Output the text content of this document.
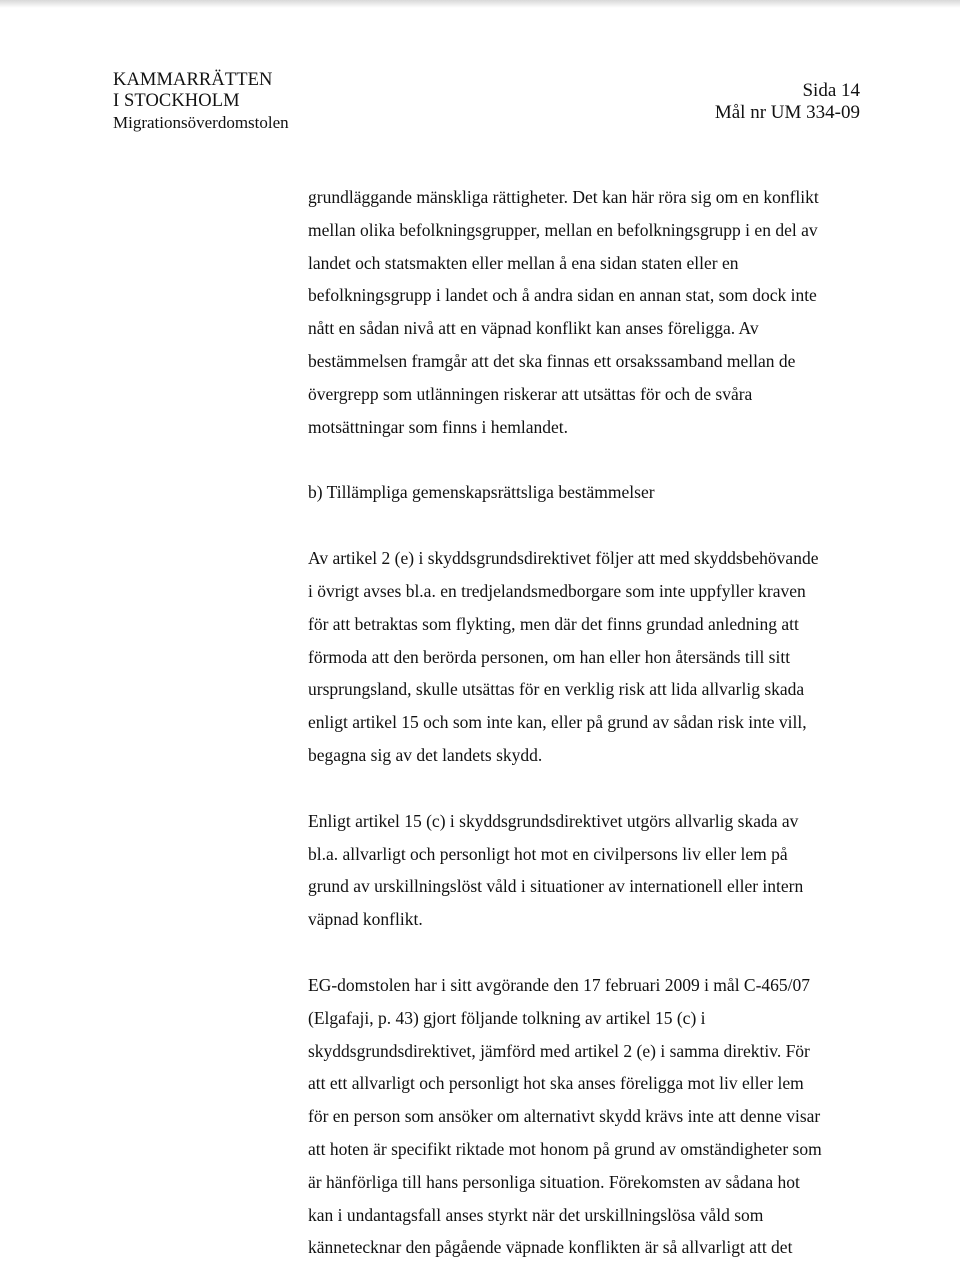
KAMMARRÄTTEN
I STOCKHOLM
Migrationsöverdomstolen
Sida 14
Mål nr UM 334-09

grundläggande mänskliga rättigheter. Det kan här röra sig om en konflikt
mellan olika befolkningsgrupper, mellan en befolkningsgrupp i en del av
landet och statsmakten eller mellan å ena sidan staten eller en
befolkningsgrupp i landet och å andra sidan en annan stat, som dock inte
nått en sådan nivå att en väpnad konflikt kan anses föreligga. Av
bestämmelsen framgår att det ska finnas ett orsakssamband mellan de
övergrepp som utlänningen riskerar att utsättas för och de svåra
motsättningar som finns i hemlandet.

b) Tillämpliga gemenskapsrättsliga bestämmelser

Av artikel 2 (e) i skyddsgrundsdirektivet följer att med skyddsbehövande
i övrigt avses bl.a. en tredjelandsmedborgare som inte uppfyller kraven
för att betraktas som flykting, men där det finns grundad anledning att
förmoda att den berörda personen, om han eller hon återsänds till sitt
ursprungsland, skulle utsättas för en verklig risk att lida allvarlig skada
enligt artikel 15 och som inte kan, eller på grund av sådan risk inte vill,
begagna sig av det landets skydd.

Enligt artikel 15 (c) i skyddsgrundsdirektivet utgörs allvarlig skada av
bl.a. allvarligt och personligt hot mot en civilpersons liv eller lem på
grund av urskillningslöst våld i situationer av internationell eller intern
väpnad konflikt.

EG-domstolen har i sitt avgörande den 17 februari 2009 i mål C-465/07
(Elgafaji, p. 43) gjort följande tolkning av artikel 15 (c) i
skyddsgrundsdirektivet, jämförd med artikel 2 (e) i samma direktiv. För
att ett allvarligt och personligt hot ska anses föreligga mot liv eller lem
för en person som ansöker om alternativt skydd krävs inte att denne visar
att hoten är specifikt riktade mot honom på grund av omständigheter som
är hänförliga till hans personliga situation. Förekomsten av sådana hot
kan i undantagsfall anses styrkt när det urskillningslösa våld som
kännetecknar den pågående väpnade konflikten är så allvarligt att det
